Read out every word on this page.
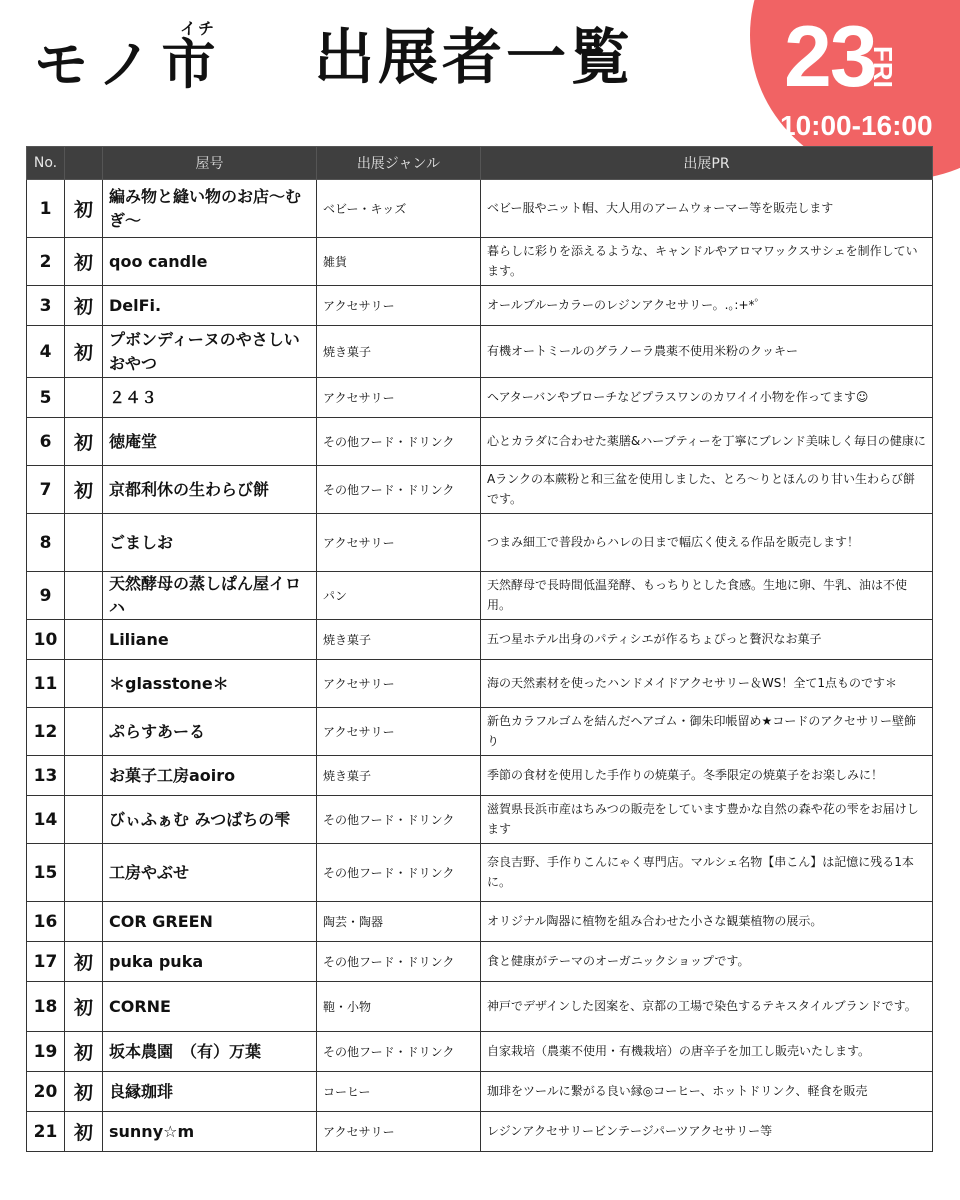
イチ
モノ市 出展者一覧 23
FRI
10:00-16:00
No.		屋号	出展ジャンル	出展PR
1	初	編み物と縫い物のお店〜むぎ〜	ベビー・キッズ	ベビー服やニット帽、大人用のアームウォーマー等を販売します
2	初	qoo candle	雑貨	暮らしに彩りを添えるような、キャンドルやアロマワックスサシェを制作しています。
3	初	DelFi.	アクセサリー	オールブルーカラーのレジンアクセサリー。.｡:+*゜
4	初	プボンディーヌのやさしいおやつ	焼き菓子	有機オートミールのグラノーラ農薬不使用米粉のクッキー
5		２４３	アクセサリー	ヘアターバンやブローチなどプラスワンのカワイイ小物を作ってます☺
6	初	徳庵堂	その他フード・ドリンク	心とカラダに合わせた薬膳&ハーブティーを丁寧にブレンド美味しく毎日の健康に
7	初	京都利休の生わらび餅	その他フード・ドリンク	Aランクの本蕨粉と和三盆を使用しました、とろ〜りとほんのり甘い生わらび餅です。
8		ごましお	アクセサリー	つまみ細工で普段からハレの日まで幅広く使える作品を販売します！
9		天然酵母の蒸しぱん屋イロハ	パン	天然酵母で長時間低温発酵、もっちりとした食感。生地に卵、牛乳、油は不使用。
10		Liliane	焼き菓子	五つ星ホテル出身のパティシエが作るちょぴっと贅沢なお菓子
11		＊glasstone＊	アクセサリー	海の天然素材を使ったハンドメイドアクセサリー＆WS！全て1点ものです＊
12		ぷらすあーる	アクセサリー	新色カラフルゴムを結んだヘアゴム・御朱印帳留め★コードのアクセサリー壁飾り
13		お菓子工房aoiro	焼き菓子	季節の食材を使用した手作りの焼菓子。冬季限定の焼菓子をお楽しみに！
14		びぃふぁむ みつばちの雫	その他フード・ドリンク	滋賀県長浜市産はちみつの販売をしています豊かな自然の森や花の雫をお届けします
15		工房やぶせ	その他フード・ドリンク	奈良吉野、手作りこんにゃく専門店。マルシェ名物【串こん】は記憶に残る1本に。
16		COR GREEN	陶芸・陶器	オリジナル陶器に植物を組み合わせた小さな観葉植物の展示。
17	初	puka puka	その他フード・ドリンク	食と健康がテーマのオーガニックショップです。
18	初	CORNE	鞄・小物	神戸でデザインした図案を、京都の工場で染色するテキスタイルブランドです。
19	初	坂本農園　（有）万葉	その他フード・ドリンク	自家栽培（農薬不使用・有機栽培）の唐辛子を加工し販売いたします。
20	初	良縁珈琲	コーヒー	珈琲をツールに繋がる良い縁◎コーヒー、ホットドリンク、軽食を販売
21	初	sunny☆m	アクセサリー	レジンアクセサリービンテージパーツアクセサリー等
